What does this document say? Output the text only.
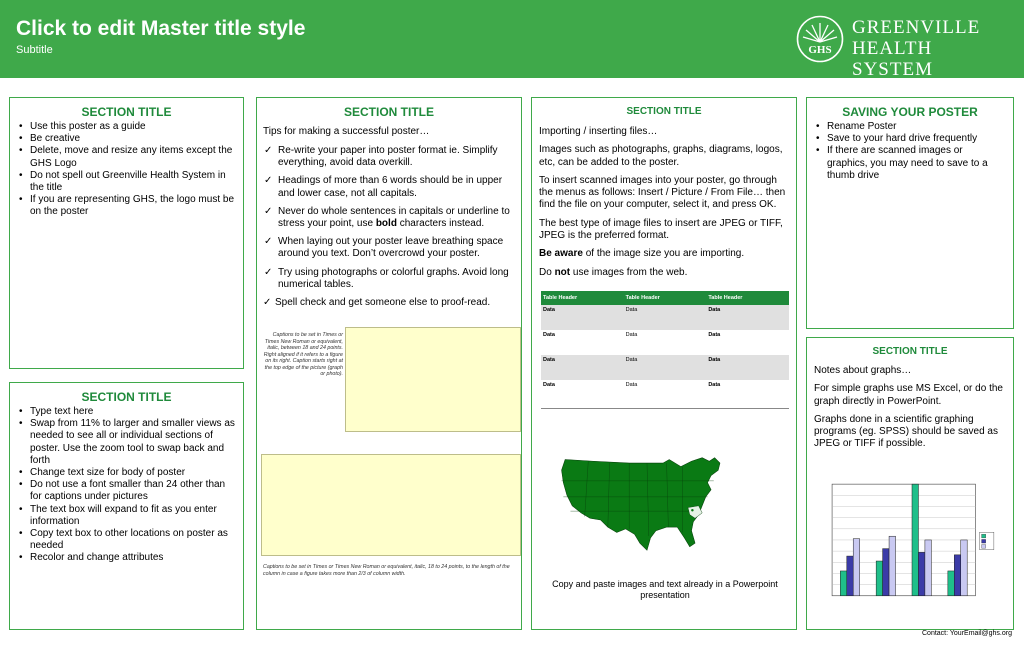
Click to edit Master title style
Subtitle	GHS
GREENVILLE
HEALTH SYSTEM
SECTION TITLE
• Use this poster as a guide
• Be creative
• Delete, move and resize any items except the GHS Logo
• Do not spell out Greenville Health System in the title
• If you are representing GHS, the logo must be on the poster
SECTION TITLE
• Type text here
• Swap from 11% to larger and smaller views as needed to see all or individual sections of poster. Use the zoom tool to swap back and forth
• Change text size for body of poster
• Do not use a font smaller than 24 other than for captions under pictures
• The text box will expand to fit as you enter information
• Copy text box to other locations on poster as needed
• Recolor and change attributes
SECTION TITLE
Tips for making a successful poster…
✓ Re-write your paper into poster format ie. Simplify everything, avoid data overkill.
✓ Headings of more than 6 words should be in upper and lower case, not all capitals.
✓ Never do whole sentences in capitals or underline to stress your point, use bold characters instead.
✓ When laying out your poster leave breathing space around you text. Don’t overcrowd your poster.
✓ Try using photographs or colorful graphs. Avoid long numerical tables.
✓ Spell check and get someone else to proof-read.
Captions to be set in Times or Times New Roman or equivalent, italic, between 18 and 24 points. Right aligned if it refers to a figure on its right. Caption starts right at the top edge of the picture (graph or photo).
Captions to be set in Times or Times New Roman or equivalent, italic, 18 to 24 points, to the length of the column in case a figure takes more than 2/3 of column width.
SECTION TITLE
Importing / inserting files…
Images such as photographs, graphs, diagrams, logos, etc, can be added to the poster.
To insert scanned images into your poster, go through the menus as follows: Insert / Picture / From File… then find the file on your computer, select it, and press OK.
The best type of image files to insert are JPEG or TIFF, JPEG is the preferred format.
Be aware of the image size you are importing.
Do not use images from the web.
Table Header	Table Header	Table Header
Data	Data	Data
Data	Data	Data
Data	Data	Data
Data	Data	Data
Copy and paste images and text already in a Powerpoint presentation
SAVING YOUR POSTER
• Rename Poster
• Save to your hard drive frequently
• If there are scanned images or graphics, you may need to save to a thumb drive
SECTION TITLE
Notes about graphs…
For simple graphs use MS Excel, or do the graph directly in PowerPoint.
Graphs done in a scientific graphing programs (eg. SPSS) should be saved as JPEG or TIFF if possible.
Contact: YourEmail@ghs.org
